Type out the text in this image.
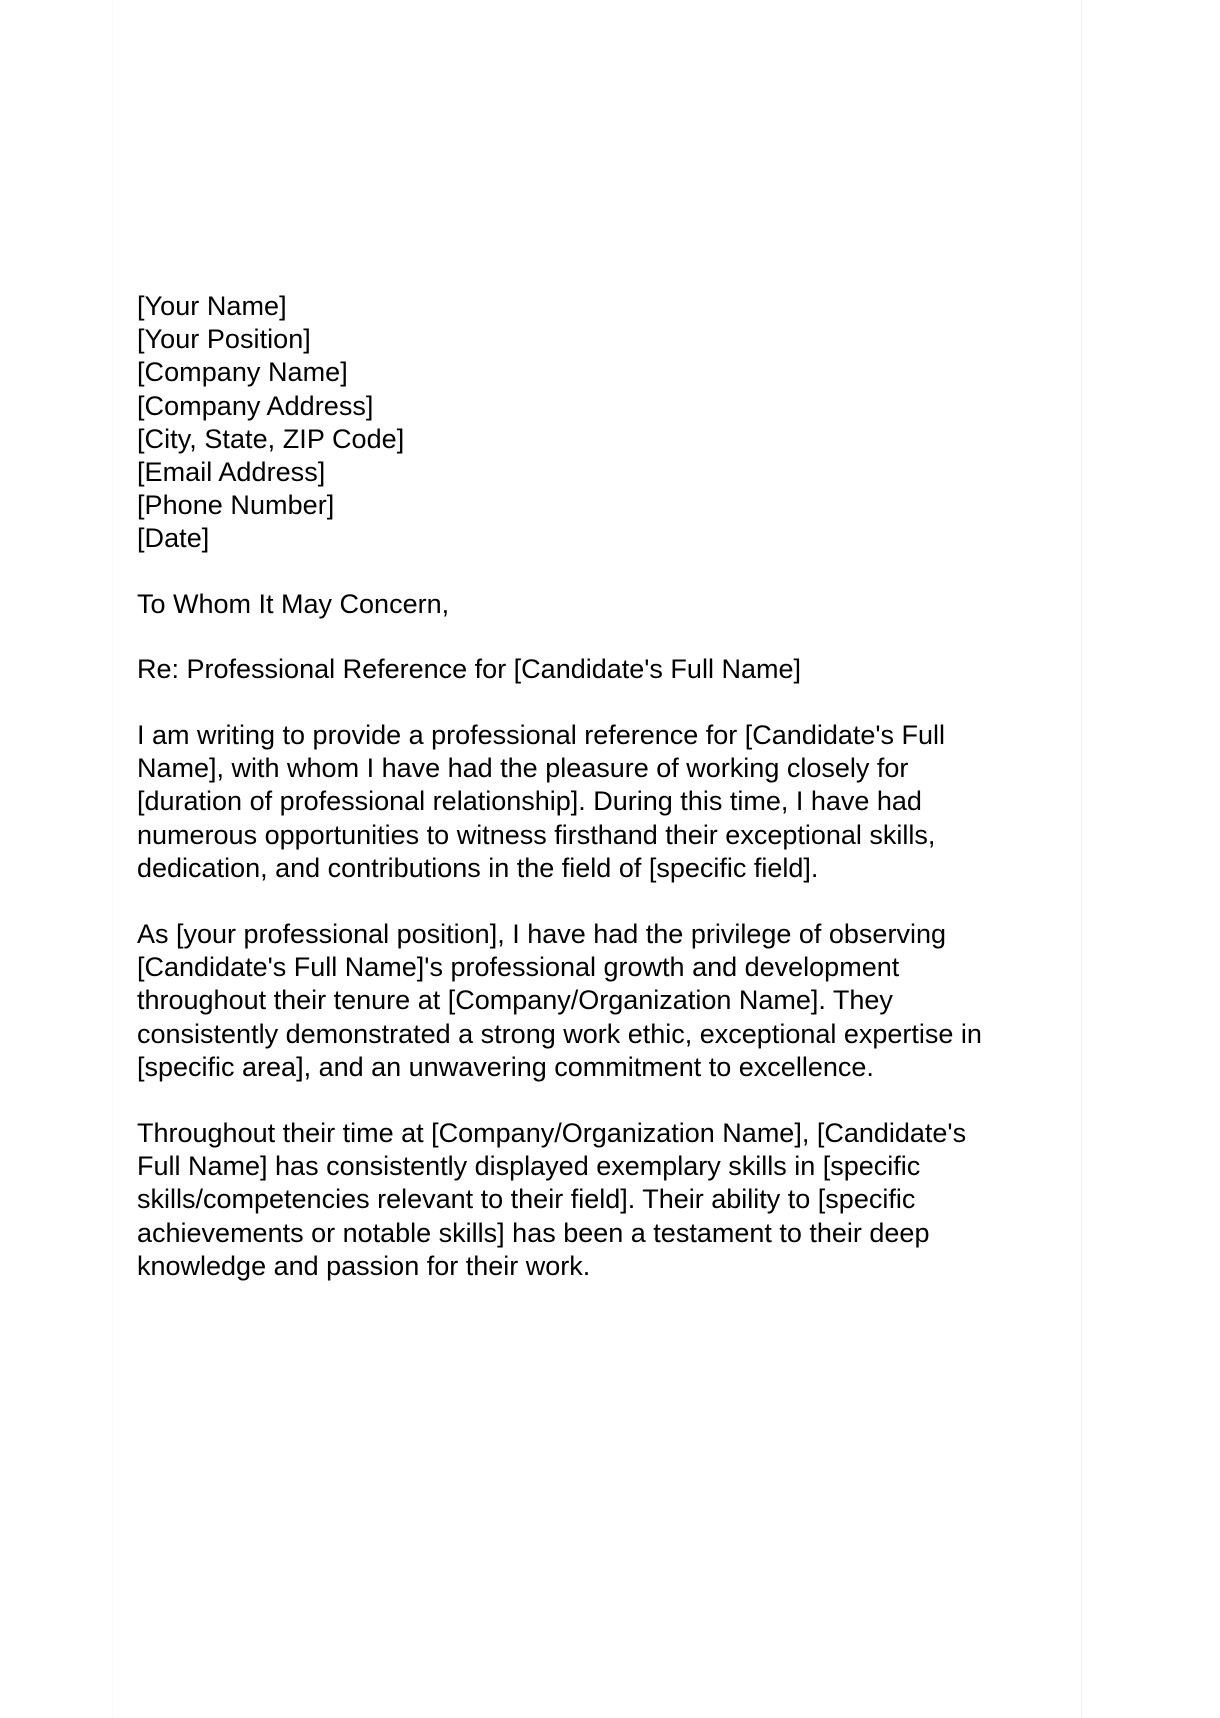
[Your Name]
[Your Position]
[Company Name]
[Company Address]
[City, State, ZIP Code]
[Email Address]
[Phone Number]
[Date]
To Whom It May Concern,
Re: Professional Reference for [Candidate's Full Name]

I am writing to provide a professional reference for [Candidate's Full Name], with whom I have had the pleasure of working closely for [duration of professional relationship]. During this time, I have had numerous opportunities to witness firsthand their exceptional skills, dedication, and contributions in the field of [specific field].

As [your professional position], I have had the privilege of observing [Candidate's Full Name]'s professional growth and development throughout their tenure at [Company/Organization Name]. They consistently demonstrated a strong work ethic, exceptional expertise in [specific area], and an unwavering commitment to excellence.

Throughout their time at [Company/Organization Name], [Candidate's Full Name] has consistently displayed exemplary skills in [specific skills/competencies relevant to their field]. Their ability to [specific achievements or notable skills] has been a testament to their deep knowledge and passion for their work.
